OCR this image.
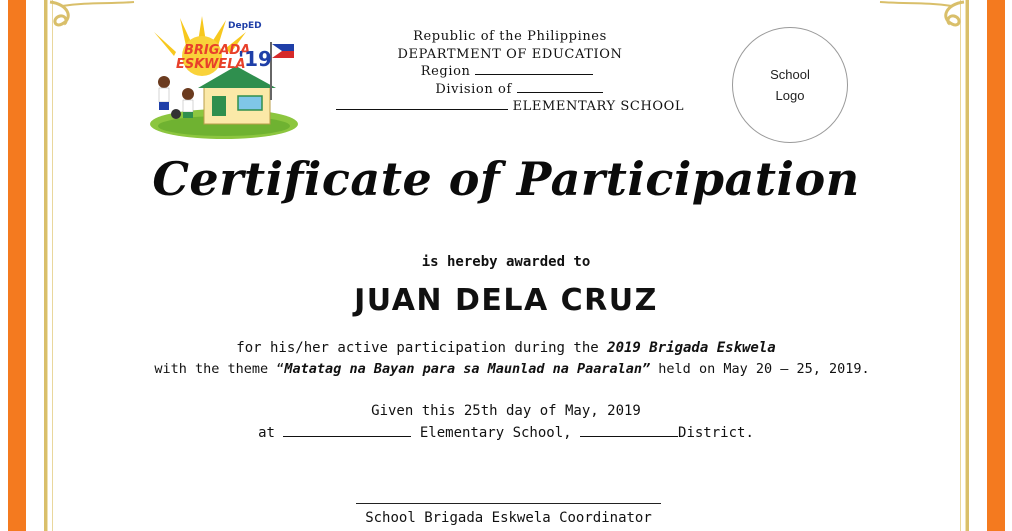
BRIGADA
ESKWELA
'19
DepED
Republic of the Philippines
DEPARTMENT OF EDUCATION
Region
Division of
ELEMENTARY SCHOOL
School
Logo
Certificate of Participation
is hereby awarded to
JUAN DELA CRUZ
for his/her active participation during the 2019 Brigada Eskwela
with the theme “Matatag na Bayan para sa Maunlad na Paaralan” held on May 20 – 25, 2019.
Given this 25th day of May, 2019
at	Elementary School,	District.
School Brigada Eskwela Coordinator
